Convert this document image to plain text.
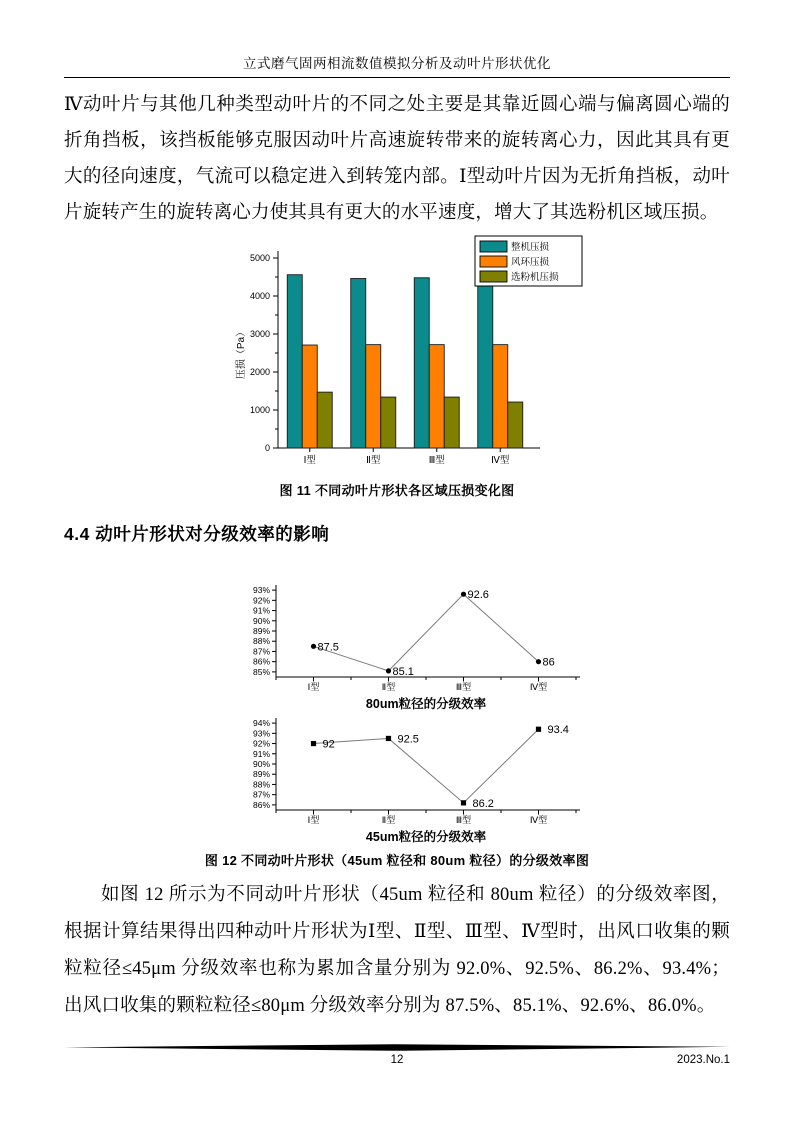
立式磨气固两相流数值模拟分析及动叶片形状优化

Ⅳ动叶片与其他几种类型动叶片的不同之处主要是其靠近圆心端与偏离圆心端的折角挡板，该挡板能够克服因动叶片高速旋转带来的旋转离心力，因此其具有更大的径向速度，气流可以稳定进入到转笼内部。Ⅰ型动叶片因为无折角挡板，动叶片旋转产生的旋转离心力使其具有更大的水平速度，增大了其选粉机区域压损。

0
1000
2000
3000
4000
5000
Ⅰ型	Ⅱ型	Ⅲ型	Ⅳ型
压损（Pa）
整机压损
风环压损
选粉机压损
图 11 不同动叶片形状各区域压损变化图
4.4 动叶片形状对分级效率的影响
85%
86%
87%
88%
89%
90%
91%
92%
93%
Ⅰ型	Ⅱ型	Ⅲ型	Ⅳ型
87.5
85.1
92.6
86
80um粒径的分级效率
86%
87%
88%
89%
90%
91%
92%
93%
94%
Ⅰ型	Ⅱ型	Ⅲ型	Ⅳ型
92	92.5
86.2
93.4
45um粒径的分级效率
图 12 不同动叶片形状（45um 粒径和 80um 粒径）的分级效率图

如图 12 所示为不同动叶片形状（45um 粒径和 80um 粒径）的分级效率图，根据计算结果得出四种动叶片形状为Ⅰ型、Ⅱ型、Ⅲ型、Ⅳ型时，出风口收集的颗粒粒径≤45μm 分级效率也称为累加含量分别为 92.0%、92.5%、86.2%、93.4%；出风口收集的颗粒粒径≤80μm 分级效率分别为 87.5%、85.1%、92.6%、86.0%。

12	2023.No.1
